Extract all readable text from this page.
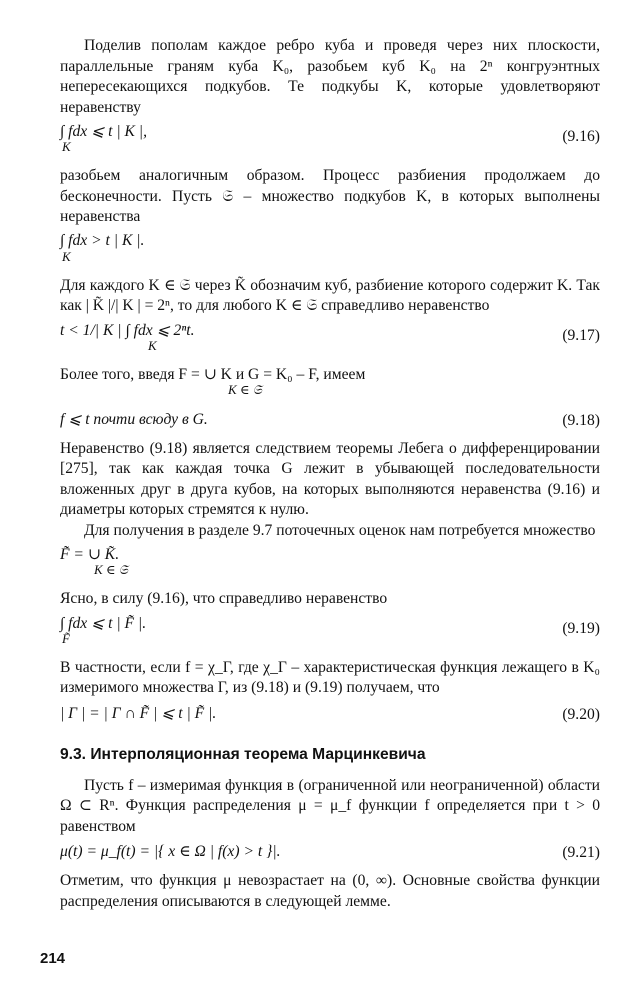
Поделив пополам каждое ребро куба и проведя через них плоскости, параллельные граням куба K₀, разобьем куб K₀ на 2ⁿ конгруэнтных непересекающихся подкубов. Те подкубы K, которые удовлетворяют неравенству

∫ fdx ⩽ t | K |,
K
(9.16)

разобьем аналогичным образом. Процесс разбиения продолжаем до бесконечности. Пусть 𝔖 – множество подкубов K, в которых выполнены неравенства

∫ fdx > t | K |.
K

Для каждого K ∈ 𝔖 через K̃ обозначим куб, разбиение которого содержит K. Так как | K̃ |/| K | = 2ⁿ, то для любого K ∈ 𝔖 справедливо неравенство

t < 1/| K | ∫ fdx ⩽ 2ⁿt.
K
(9.17)
Более того, введя F = ∪ K и G = K₀ – F, имеем
K ∈ 𝔖
f ⩽ t почти всюду в G.	(9.18)

Неравенство (9.18) является следствием теоремы Лебега о дифференцировании [275], так как каждая точка G лежит в убывающей последовательности вложенных друг в друга кубов, на которых выполняются неравенства (9.16) и диаметры которых стремятся к нулю.

Для получения в разделе 9.7 поточечных оценок нам потребуется множество

F̃ = ∪ K̃.
K ∈ 𝔖

Ясно, в силу (9.16), что справедливо неравенство

∫ fdx ⩽ t | F̃ |.
F̃
(9.19)

В частности, если f = χ_Γ, где χ_Γ – характеристическая функция лежащего в K₀ измеримого множества Γ, из (9.18) и (9.19) получаем, что

| Γ | = | Γ ∩ F̃ | ⩽ t | F̃ |.	(9.20)
9.3. Интерполяционная теорема Марцинкевича

Пусть f – измеримая функция в (ограниченной или неограниченной) области Ω ⊂ Rⁿ. Функция распределения μ = μ_f функции f определяется при t > 0 равенством

μ(t) = μ_f(t) = |{ x ∈ Ω | f(x) > t }|.	(9.21)

Отметим, что функция μ невозрастает на (0, ∞). Основные свойства функции распределения описываются в следующей лемме.

214
